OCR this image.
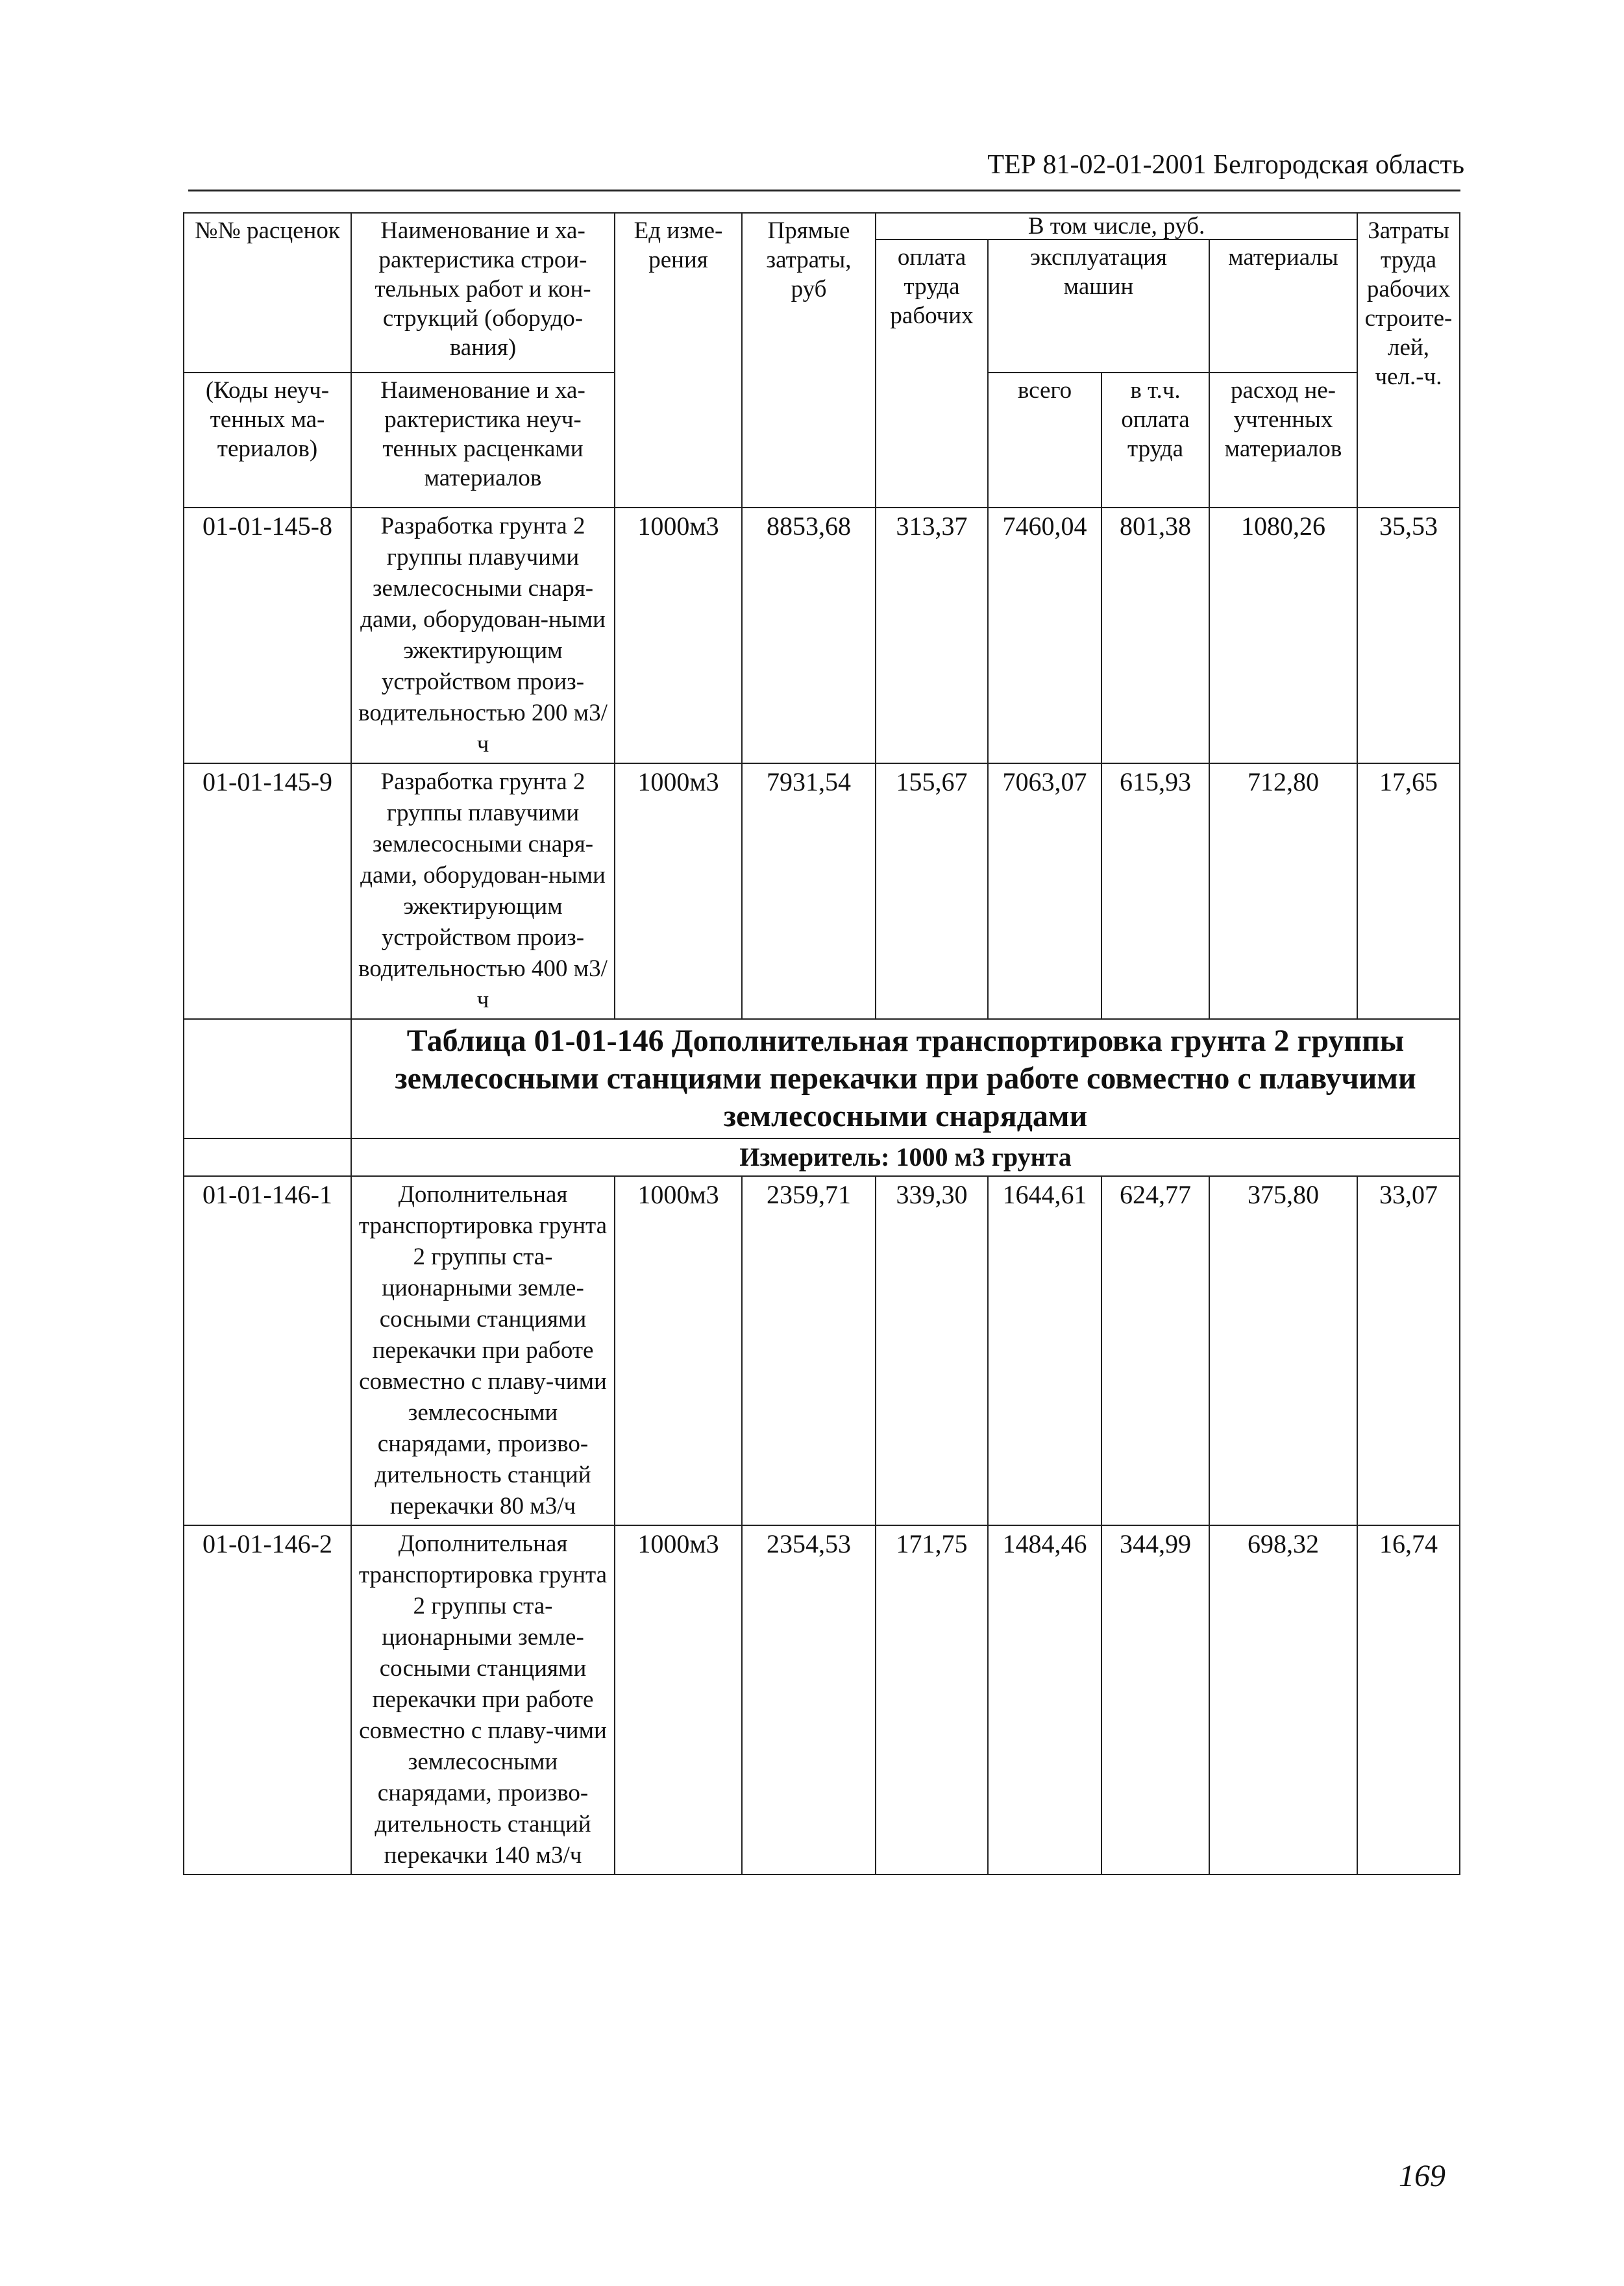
ТЕР 81-02-01-2001 Белгородская область
№№ расценок	Наименование и ха-рактеристика строи-тельных работ и кон-струкций (оборудо-вания)	Ед изме-рения	Прямые затраты, руб	В том числе, руб.				Затраты труда рабочих строите-лей, чел.-ч.
				оплата труда рабочих	эксплуатация машин		материалы	
(Коды неуч-тенных ма-териалов)	Наименование и ха-рактеристика неуч-тенных расценками материалов				всего	в т.ч. оплата труда	расход не-учтенных материалов	
01-01-145-8	Разработка грунта 2 группы плавучими землесосными снаря-дами, оборудован-ными эжектирующим устройством произ-водительностью 200 м3/ч	1000м3	8853,68	313,37	7460,04	801,38	1080,26	35,53
01-01-145-9	Разработка грунта 2 группы плавучими землесосными снаря-дами, оборудован-ными эжектирующим устройством произ-водительностью 400 м3/ч	1000м3	7931,54	155,67	7063,07	615,93	712,80	17,65
	Таблица 01-01-146 Дополнительная транспортировка грунта 2 группы землесосными станциями перекачки при работе совместно с плавучими землесосными снарядами							
	Измеритель: 1000 м3 грунта							
01-01-146-1	Дополнительная транспортировка грунта 2 группы ста-ционарными земле-сосными станциями перекачки при работе совместно с плаву-чими землесосными снарядами, произво-дительность станций перекачки 80 м3/ч	1000м3	2359,71	339,30	1644,61	624,77	375,80	33,07
01-01-146-2	Дополнительная транспортировка грунта 2 группы ста-ционарными земле-сосными станциями перекачки при работе совместно с плаву-чими землесосными снарядами, произво-дительность станций перекачки 140 м3/ч	1000м3	2354,53	171,75	1484,46	344,99	698,32	16,74
169
